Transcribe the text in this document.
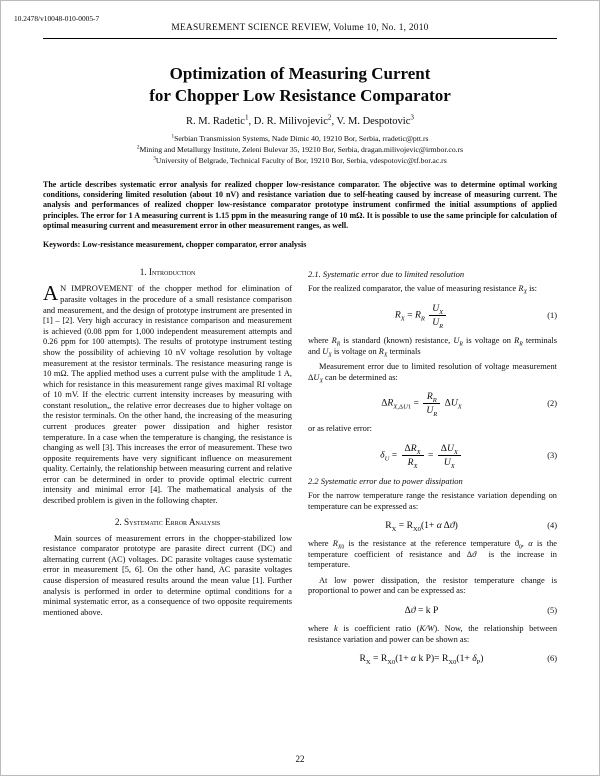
10.2478/v10048-010-0005-7
MEASUREMENT SCIENCE REVIEW, Volume 10, No. 1, 2010
Optimization of Measuring Current
for Chopper Low Resistance Comparator
R. M. Radetic$^1$, D. R. Milivojevic$^2$, V. M. Despotovic$^3$
$^1$Serbian Transmission Systems, Nade Dimic 40, 19210 Bor, Serbia, rradetic@ptt.rs
$^2$Mining and Metallurgy Institute, Zeleni Bulevar 35, 19210 Bor, Serbia, dragan.milivojevic@irmbor.co.rs
$^3$University of Belgrade, Technical Faculty of Bor, 19210 Bor, Serbia, vdespotovic@tf.bor.ac.rs
The article describes systematic error analysis for realized chopper low-resistance comparator. The objective was to determine optimal working conditions, considering limited resolution (about 10 nV) and resistance variation due to self-heating caused by increase of measuring current. The analysis and performances of realized chopper low-resistance comparator prototype instrument confirmed the initial assumptions of applied principles. The error for 1 A measuring current is 1.15 ppm in the measuring range of 10 mΩ. It is possible to use the same principle for calculation of optimal measuring current and measurement error in other measurement ranges, as well.
Keywords: Low-resistance measurement, chopper comparator, error analysis
1. Introduction

A N IMPROVEMENT of the chopper method for elimination of parasite voltages in the procedure of a small resistance comparison and measurement, and the design of prototype instrument are presented in [1] – [2]. Very high accuracy in resistance comparison and measurement is achieved (0.08 ppm for 1,000 independent measurement attempts and 0.26 ppm for 100 attempts). The results of prototype instrument testing show the possibility of achieving 10 nV voltage resolution by voltage measurement at the resistor terminals. The resistance measuring range is 10 mΩ. The applied method uses a current pulse with the amplitude 1 A, which for resistance in this measurement range gives maximal RI voltage of 10 mV. If the electric current intensity increases by measuring with constant resolution,, the relative error decreases due to higher voltage on the resistor terminals. On the other hand, the increasing of the measuring current produces greater power dissipation and higher resistor temperature. In a case when the temperature is changing, the resistance is changing as well [3]. This increases the error of measurement. These two opposite requirements have very significant influence on measurement quality. Certainly, the relationship between measuring current and relative error can be determined in order to provide optimal electric current intensity and minimal error [4]. The mathematical analysis of the described problem is given in the following chapter.

2. Systematic Error Analysis

Main sources of measurement errors in the chopper-stabilized low resistance comparator prototype are parasite direct current (DC) and alternating current (AC) voltages. DC parasite voltages cause systematic error in measurement [5, 6]. On the other hand, AC parasite voltages cause dispersion of measured results around the mean value [1]. Further analysis is performed in order to determine optimal conditions for a minimal systematic error, as a consequence of two opposite requirements mentioned above.

2.1. Systematic error due to limited resolution

For the realized comparator, the value of measuring resistance $R_X$ is:

$R_X = R_R \frac{U_X}{U_R}$	(1)

where $R_R$ is standard (known) resistance, $U_R$ is voltage on $R_R$ terminals and $U_X$ is voltage on $R_X$ terminals

Measurement error due to limited resolution of voltage measurement $\Delta U_X$ can be determined as:

$\Delta R_{X,\Delta U1} = \frac{R_R}{U_R} \Delta U_X$	(2)

or as relative error:

$\delta_U = \frac{\Delta R_X}{R_X} = \frac{\Delta U_X}{U_X}$	(3)
2.2 Systematic error due to power dissipation

For the narrow temperature range the resistance variation depending on temperature can be expressed as:

$R_X = R_{X0}(1+ \alpha$ Δϑ)	(4)

where $R_{X0}$ is the resistance at the reference temperature $ϑ_0$, α is the temperature coefficient of resistance and Δϑ  is the increase in temperature.

At low power dissipation, the resistor temperature change is proportional to power and can be expressed as:

Δϑ = k P	(5)

where k is coefficient ratio (K/W). Now, the relationship between resistance variation and power can be shown as:

$R_X = R_{X0}(1+ \alpha$ k $P)= R_{X0}(1+ \delta_P)$	(6)
22
